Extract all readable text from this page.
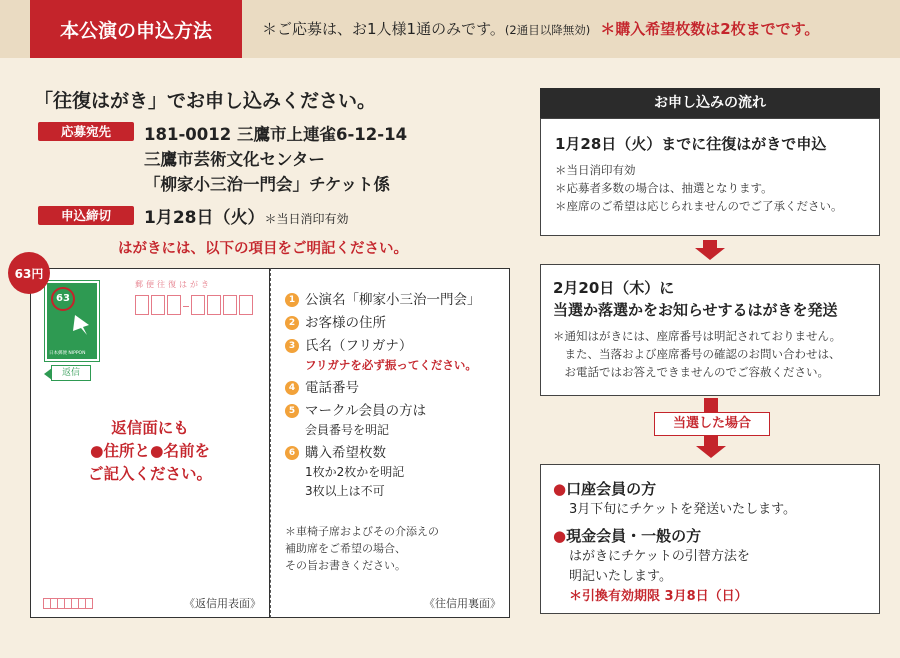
本公演の申込方法	＊ご応募は、お1人様1通のみです。(2通目以降無効) ＊購入希望枚数は2枚までです。
「往復はがき」でお申し込みください。
応募宛先	181-0012 三鷹市上連雀6-12-14
三鷹市芸術文化センター
「柳家小三治一門会」チケット係
申込締切	1月28日（火）＊当日消印有効
はがきには、以下の項目をご明記ください。
63円
63
日本郵便 NIPPON
返信
郵便往復はがき
返信面にも
●住所と●名前を
ご記入ください。
《返信用表面》
1 公演名「柳家小三治一門会」
2 お客様の住所
3 氏名（フリガナ）
フリガナを必ず振ってください。
4 電話番号
5 マークル会員の方は
会員番号を明記
6 購入希望枚数
1枚か2枚かを明記
3枚以上は不可
＊車椅子席およびその介添えの
補助席をご希望の場合、
その旨お書きください。
《往信用裏面》
お申し込みの流れ
1月28日（火）までに往復はがきで申込
＊当日消印有効
＊応募者多数の場合は、抽選となります。
＊座席のご希望は応じられませんのでご了承ください。
2月20日（木）に
当選か落選かをお知らせするはがきを発送
＊通知はがきには、座席番号は明記されておりません。
　また、当落および座席番号の確認のお問い合わせは、
　お電話ではお答えできませんのでご容赦ください。
当選した場合
●口座会員の方
3月下旬にチケットを発送いたします。
●現金会員・一般の方
はがきにチケットの引替方法を
明記いたします。
＊引換有効期限 3月8日（日）
